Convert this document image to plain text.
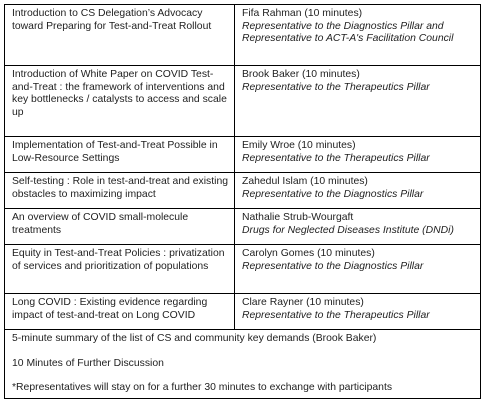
Introduction to CS Delegation’s Advocacy toward Preparing for Test-and-Treat Rollout	Fifa Rahman (10 minutes)
Representative to the Diagnostics Pillar and Representative to ACT-A's Facilitation Council

Introduction of White Paper on COVID Test-and-Treat : the framework of interventions and key bottlenecks / catalysts to access and scale up	Brook Baker (10 minutes)
Representative to the Therapeutics Pillar

Implementation of Test-and-Treat Possible in Low-Resource Settings	Emily Wroe (10 minutes)
Representative to the Therapeutics Pillar

Self-testing : Role in test-and-treat and existing obstacles to maximizing impact	Zahedul Islam (10 minutes)
Representative to the Diagnostics Pillar

An overview of COVID small-molecule treatments	Nathalie Strub-Wourgaft
Drugs for Neglected Diseases Institute (DNDi)

Equity in Test-and-Treat Policies : privatization of services and prioritization of populations	Carolyn Gomes (10 minutes)
Representative to the Diagnostics Pillar

Long COVID : Existing evidence regarding impact of test-and-treat on Long COVID	Clare Rayner (10 minutes)
Representative to the Therapeutics Pillar

5-minute summary of the list of CS and community key demands (Brook Baker)

10 Minutes of Further Discussion

*Representatives will stay on for a further 30 minutes to exchange with participants	
